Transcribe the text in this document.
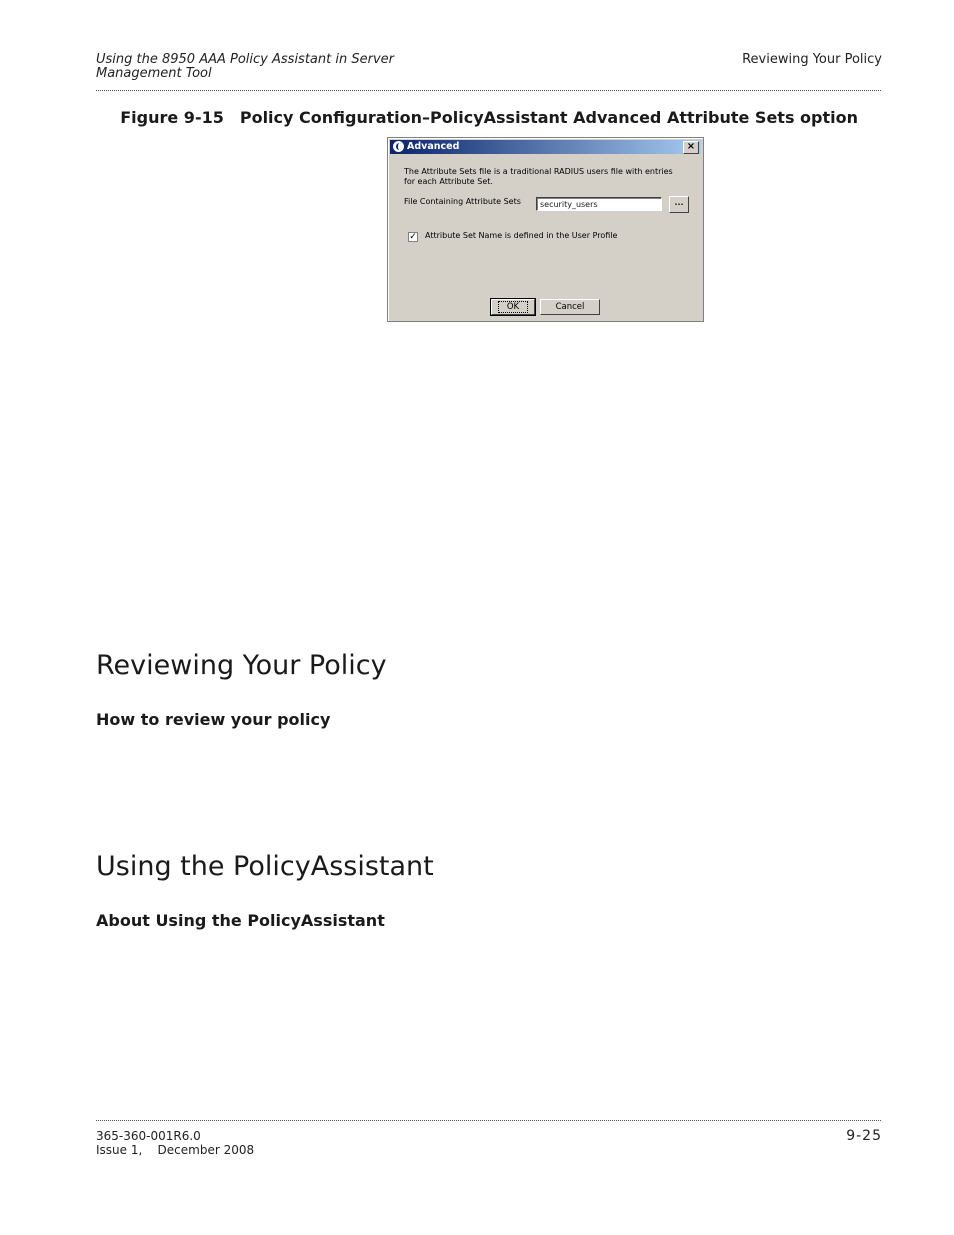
Using the 8950 AAA Policy Assistant in Server
Management Tool
Reviewing Your Policy
Figure 9-15 Policy Configuration–PolicyAssistant Advanced Attribute Sets option
Advanced	×
The Attribute Sets file is a traditional RADIUS users file with entries for each Attribute Set.
File Containing Attribute Sets	security_users	...
✓ Attribute Set Name is defined in the User Profile
OK	Cancel
Reviewing Your Policy
How to review your policy
Using the PolicyAssistant
About Using the PolicyAssistant
365-360-001R6.0
Issue 1,    December 2008
9-25
